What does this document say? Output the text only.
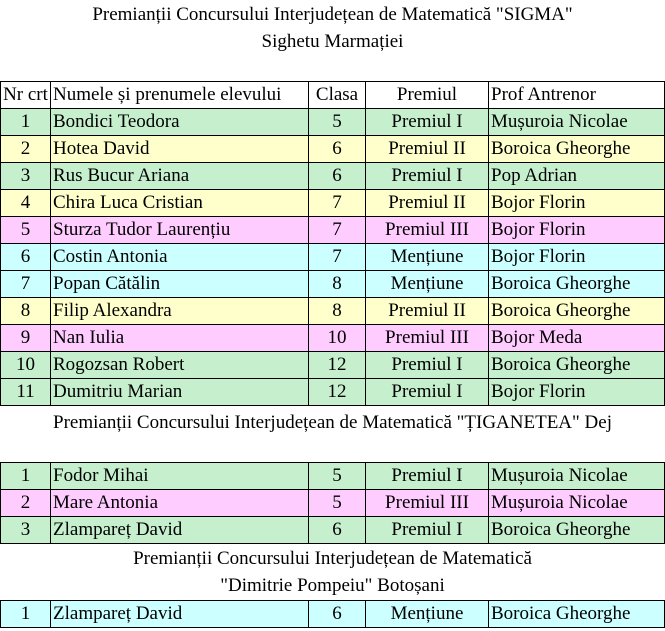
Premianții Concursului Interjudețean de Matematică "SIGMA"
Sighetu Marmației
Nr crt	Numele și prenumele elevului	Clasa	Premiul	Prof Antrenor
1	Bondici Teodora	5	Premiul I	Mușuroia Nicolae
2	Hotea David	6	Premiul II	Boroica Gheorghe
3	Rus Bucur Ariana	6	Premiul I	Pop Adrian
4	Chira Luca Cristian	7	Premiul II	Bojor Florin
5	Sturza Tudor Laurențiu	7	Premiul III	Bojor Florin
6	Costin Antonia	7	Mențiune	Bojor Florin
7	Popan Cătălin	8	Mențiune	Boroica Gheorghe
8	Filip Alexandra	8	Premiul II	Boroica Gheorghe
9	Nan Iulia	10	Premiul III	Bojor Meda
10	Rogozsan Robert	12	Premiul I	Boroica Gheorghe
11	Dumitriu Marian	12	Premiul I	Bojor Florin
Premianții Concursului Interjudețean de Matematică "ȚIGANETEA" Dej
1	Fodor Mihai	5	Premiul I	Mușuroia Nicolae
2	Mare Antonia	5	Premiul III	Mușuroia Nicolae
3	Zlampareț David	6	Premiul I	Boroica Gheorghe
Premianții Concursului Interjudețean de Matematică
"Dimitrie Pompeiu" Botoșani
1	Zlampareț David	6	Mențiune	Boroica Gheorghe
